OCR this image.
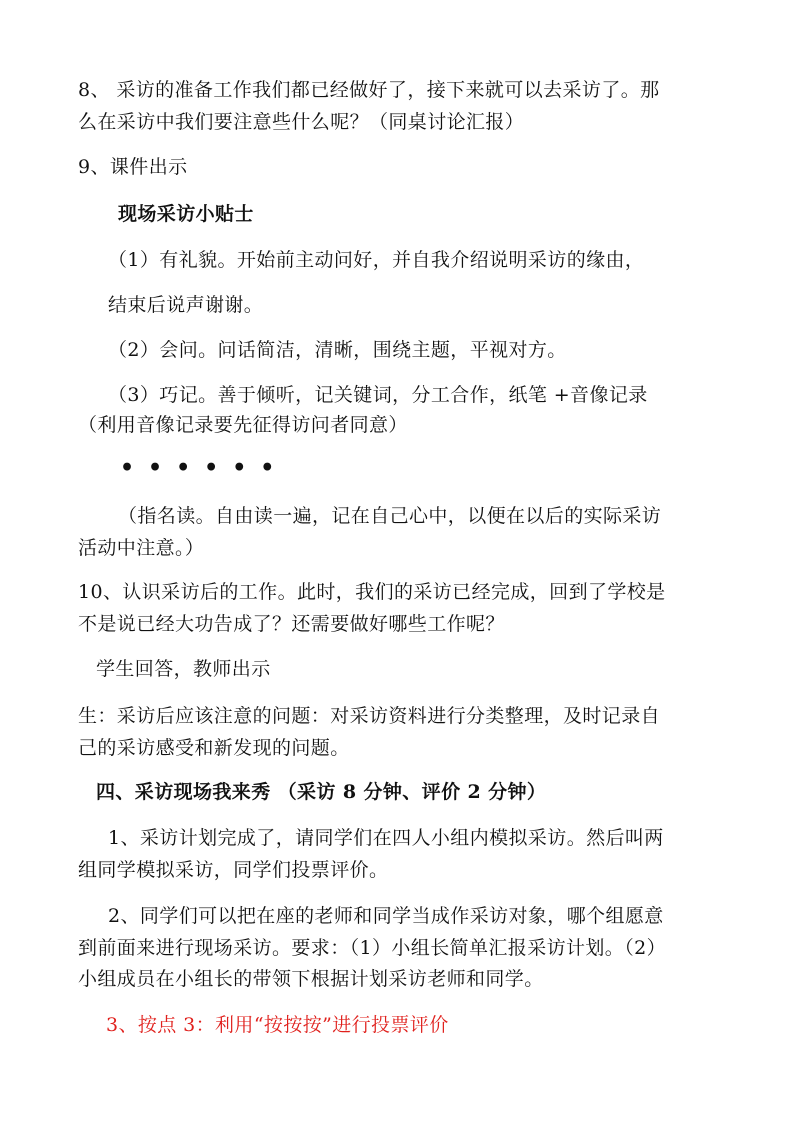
8、 采访的准备工作我们都已经做好了，接下来就可以去采访了。那
么在采访中我们要注意些什么呢？（同桌讨论汇报）
9、课件出示
现场采访小贴士
（1）有礼貌。开始前主动问好，并自我介绍说明采访的缘由，
结束后说声谢谢。
（2）会问。问话简洁，清晰，围绕主题，平视对方。
（3）巧记。善于倾听，记关键词，分工合作，纸笔 +音像记录
（利用音像记录要先征得访问者同意）
••••••
（指名读。自由读一遍，记在自己心中，以便在以后的实际采访
活动中注意。）
10、认识采访后的工作。此时，我们的采访已经完成，回到了学校是
不是说已经大功告成了？还需要做好哪些工作呢？
学生回答，教师出示
生：采访后应该注意的问题：对采访资料进行分类整理，及时记录自
己的采访感受和新发现的问题。
四、采访现场我来秀 （采访 8 分钟、评价 2 分钟）
1、采访计划完成了，请同学们在四人小组内模拟采访。然后叫两
组同学模拟采访，同学们投票评价。
2、同学们可以把在座的老师和同学当成作采访对象，哪个组愿意
到前面来进行现场采访。要求：（1）小组长简单汇报采访计划。（2）
小组成员在小组长的带领下根据计划采访老师和同学。
3、按点 3：利用“按按按”进行投票评价
